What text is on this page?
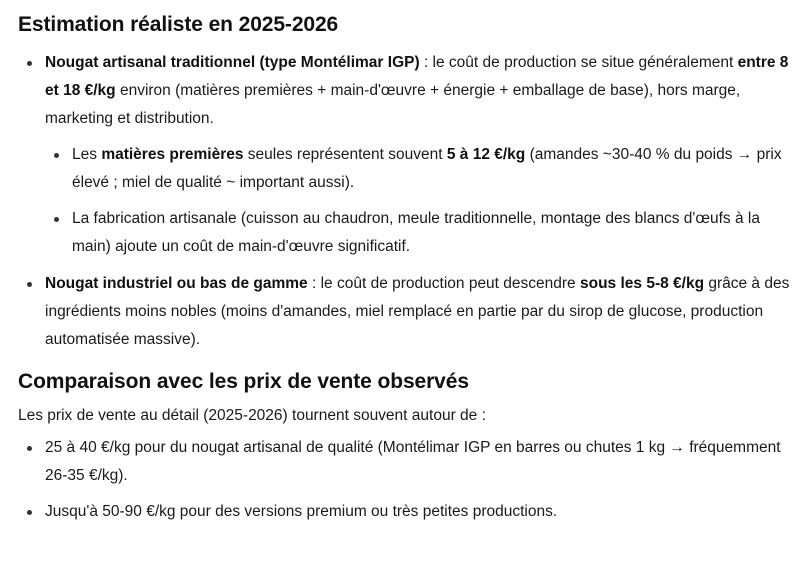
Estimation réaliste en 2025-2026
Nougat artisanal traditionnel (type Montélimar IGP) : le coût de production se situe généralement entre 8 et 18 €/kg environ (matières premières + main-d'œuvre + énergie + emballage de base), hors marge, marketing et distribution.
Les matières premières seules représentent souvent 5 à 12 €/kg (amandes ~30-40 % du poids → prix élevé ; miel de qualité ~ important aussi).
La fabrication artisanale (cuisson au chaudron, meule traditionnelle, montage des blancs d'œufs à la main) ajoute un coût de main-d'œuvre significatif.
Nougat industriel ou bas de gamme : le coût de production peut descendre sous les 5-8 €/kg grâce à des ingrédients moins nobles (moins d'amandes, miel remplacé en partie par du sirop de glucose, production automatisée massive).
Comparaison avec les prix de vente observés

Les prix de vente au détail (2025-2026) tournent souvent autour de :

25 à 40 €/kg pour du nougat artisanal de qualité (Montélimar IGP en barres ou chutes 1 kg → fréquemment 26-35 €/kg).
Jusqu'à 50-90 €/kg pour des versions premium ou très petites productions.
